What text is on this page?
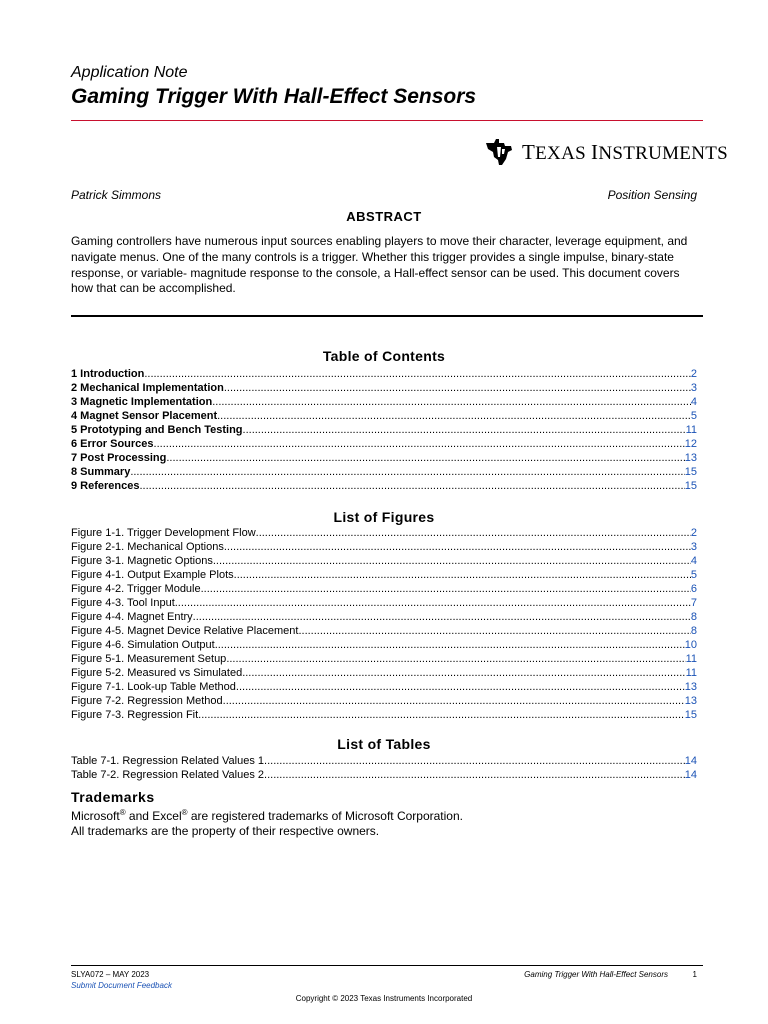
Application Note
Gaming Trigger With Hall-Effect Sensors
TEXAS INSTRUMENTS
Patrick Simmons	Position Sensing
ABSTRACT
Gaming controllers have numerous input sources enabling players to move their character, leverage equipment, and navigate menus. One of the many controls is a trigger. Whether this trigger provides a single impulse, binary-state response, or variable- magnitude response to the console, a Hall-effect sensor can be used. This document covers how that can be accomplished.
Table of Contents
1 Introduction .....	2
2 Mechanical Implementation .....	3
3 Magnetic Implementation .....	4
4 Magnet Sensor Placement .....	5
5 Prototyping and Bench Testing .....	11
6 Error Sources .....	12
7 Post Processing .....	13
8 Summary .....	15
9 References .....	15
List of Figures
Figure 1-1. Trigger Development Flow .....	2
Figure 2-1. Mechanical Options .....	3
Figure 3-1. Magnetic Options .....	4
Figure 4-1. Output Example Plots .....	5
Figure 4-2. Trigger Module .....	6
Figure 4-3. Tool Input .....	7
Figure 4-4. Magnet Entry .....	8
Figure 4-5. Magnet Device Relative Placement .....	8
Figure 4-6. Simulation Output .....	10
Figure 5-1. Measurement Setup .....	11
Figure 5-2. Measured vs Simulated .....	11
Figure 7-1. Look-up Table Method .....	13
Figure 7-2. Regression Method .....	13
Figure 7-3. Regression Fit .....	15
List of Tables
Table 7-1. Regression Related Values 1 .....	14
Table 7-2. Regression Related Values 2 .....	14
Trademarks
Microsoft® and Excel® are registered trademarks of Microsoft Corporation.
All trademarks are the property of their respective owners.
SLYA072 – MAY 2023
Submit Document Feedback
Gaming Trigger With Hall-Effect Sensors	1
Copyright © 2023 Texas Instruments Incorporated
